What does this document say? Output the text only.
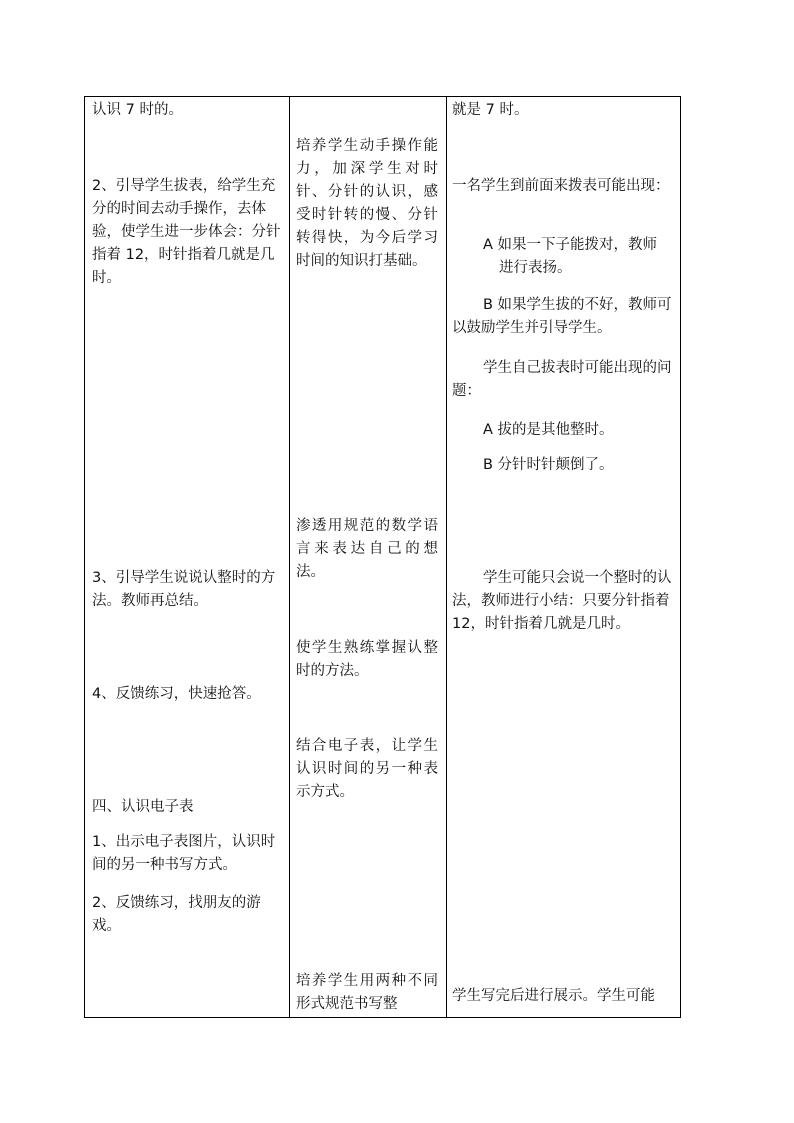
认识 7 时的。

2、引导学生拔表，给学生充分的时间去动手操作，去体验，使学生进一步体会：分针指着 12，时针指着几就是几时。

3、引导学生说说认整时的方法。教师再总结。

4、反馈练习，快速抢答。

四、认识电子表

1、出示电子表图片，认识时间的另一种书写方式。

2、反馈练习，找朋友的游戏。

培养学生动手操作能力，加深学生对时针、分针的认识，感受时针转的慢、分针转得快，为今后学习时间的知识打基础。

渗透用规范的数学语言来表达自己的想法。

使学生熟练掌握认整时的方法。

结合电子表，让学生认识时间的另一种表示方式。

培养学生用两种不同形式规范书写整

就是 7 时。

一名学生到前面来拨表可能出现：

A 如果一下子能拨对，教师
进行表扬。

B 如果学生拔的不好，教师可以鼓励学生并引导学生。

学生自己拔表时可能出现的问题：

A 拔的是其他整时。

B 分针时针颠倒了。

学生可能只会说一个整时的认法，教师进行小结：只要分针指着 12，时针指着几就是几时。

学生写完后进行展示。学生可能
